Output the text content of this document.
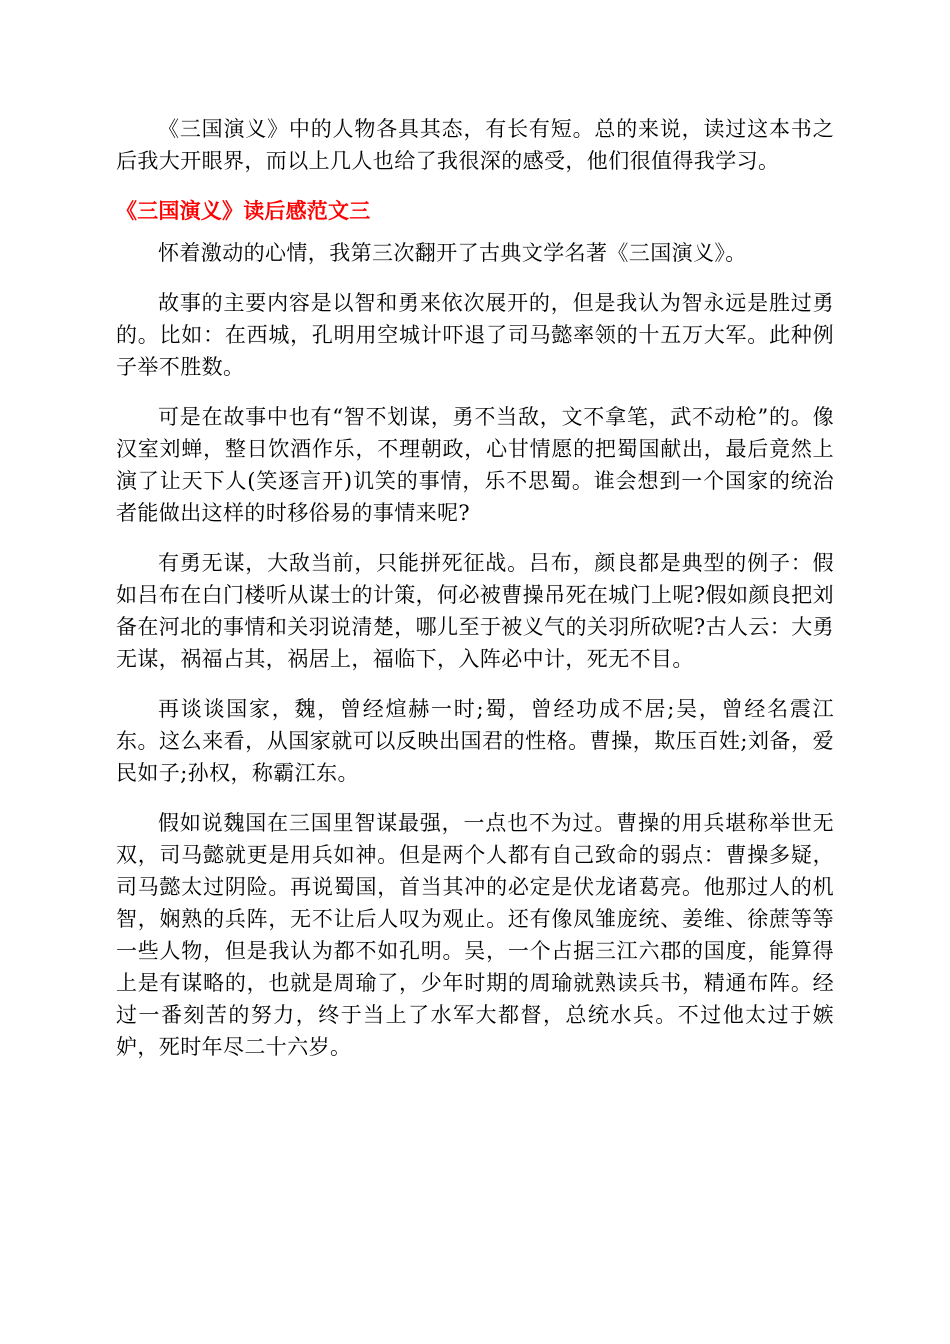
《三国演义》中的人物各具其态，有长有短。总的来说，读过这本书之后我大开眼界，而以上几人也给了我很深的感受，他们很值得我学习。

《三国演义》读后感范文三

怀着激动的心情，我第三次翻开了古典文学名著《三国演义》。

故事的主要内容是以智和勇来依次展开的，但是我认为智永远是胜过勇的。比如：在西城，孔明用空城计吓退了司马懿率领的十五万大军。此种例子举不胜数。

可是在故事中也有“智不划谋，勇不当敌，文不拿笔，武不动枪”的。像汉室刘蝉，整日饮酒作乐，不理朝政，心甘情愿的把蜀国献出，最后竟然上演了让天下人(笑逐言开)讥笑的事情，乐不思蜀。谁会想到一个国家的统治者能做出这样的时移俗易的事情来呢?

有勇无谋，大敌当前，只能拼死征战。吕布，颜良都是典型的例子：假如吕布在白门楼听从谋士的计策，何必被曹操吊死在城门上呢?假如颜良把刘备在河北的事情和关羽说清楚，哪儿至于被义气的关羽所砍呢?古人云：大勇无谋，祸福占其，祸居上，福临下，入阵必中计，死无不目。

再谈谈国家，魏，曾经煊赫一时;蜀，曾经功成不居;吴，曾经名震江东。这么来看，从国家就可以反映出国君的性格。曹操，欺压百姓;刘备，爱民如子;孙权，称霸江东。

假如说魏国在三国里智谋最强，一点也不为过。曹操的用兵堪称举世无双，司马懿就更是用兵如神。但是两个人都有自己致命的弱点：曹操多疑，司马懿太过阴险。再说蜀国，首当其冲的必定是伏龙诸葛亮。他那过人的机智，娴熟的兵阵，无不让后人叹为观止。还有像凤雏庞统、姜维、徐蔗等等一些人物，但是我认为都不如孔明。吴，一个占据三江六郡的国度，能算得上是有谋略的，也就是周瑜了，少年时期的周瑜就熟读兵书，精通布阵。经过一番刻苦的努力，终于当上了水军大都督，总统水兵。不过他太过于嫉妒，死时年尽二十六岁。
